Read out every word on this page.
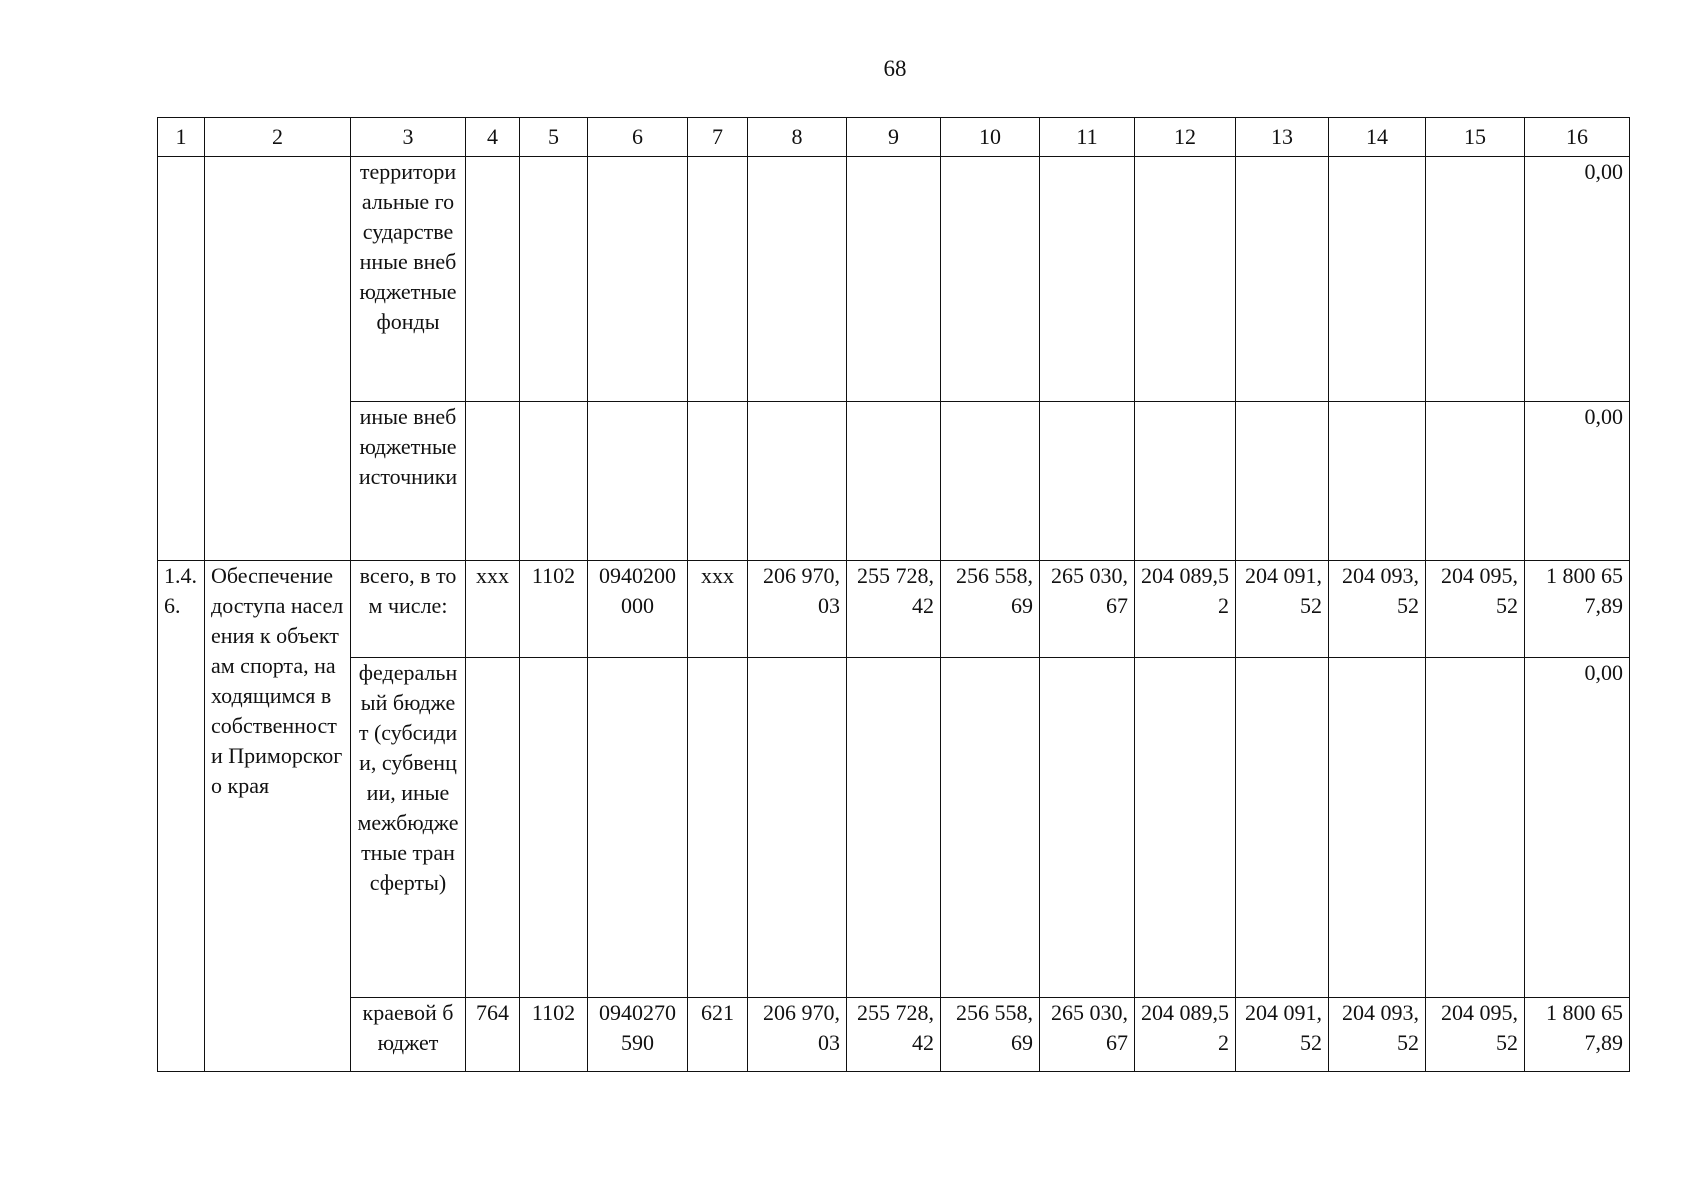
68
1	2	3	4	5	6	7	8	9	10	11	12	13	14	15	16
		территориальные государственные внебюджетные фонды													0,00
		иные внебюджетные источники													0,00
1.4.6.	Обеспечение доступа населения к объектам спорта, находящимся в собственности Приморского края	всего, в том числе:	ххх	1102	0940200000	ххх	206 970,03	255 728,42	256 558,69	265 030,67	204 089,52	204 091,52	204 093,52	204 095,52	1 800 657,89
		федеральный бюджет (субсидии, субвенции, иные межбюджетные трансферты)													0,00
		краевой бюджет	764	1102	0940270590	621	206 970,03	255 728,42	256 558,69	265 030,67	204 089,52	204 091,52	204 093,52	204 095,52	1 800 657,89
